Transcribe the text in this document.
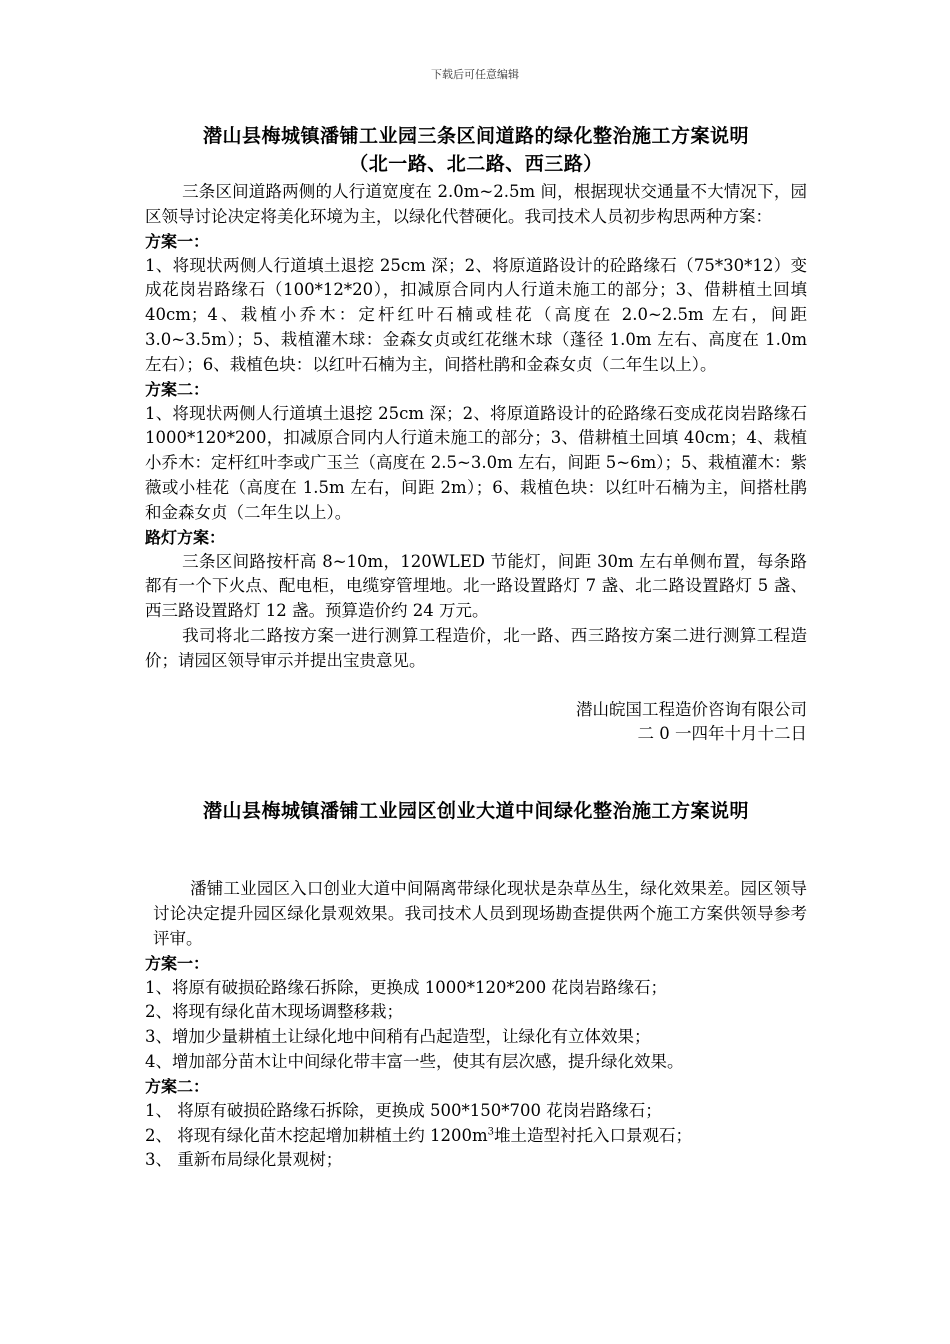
下载后可任意编辑
潜山县梅城镇潘铺工业园三条区间道路的绿化整治施工方案说明
（北一路、北二路、西三路）

三条区间道路两侧的人行道宽度在 2.0m~2.5m 间，根据现状交通量不大情况下，园区领导讨论决定将美化环境为主，以绿化代替硬化。我司技术人员初步构思两种方案：

方案一：

1、将现状两侧人行道填土退挖 25cm 深；2、将原道路设计的砼路缘石（75*30*12）变成花岗岩路缘石（100*12*20），扣减原合同内人行道未施工的部分；3、借耕植土回填 40cm；4、栽植小乔木：定杆红叶石楠或桂花（高度在 2.0~2.5m 左右，间距 3.0~3.5m）；5、栽植灌木球：金森女贞或红花继木球（蓬径 1.0m 左右、高度在 1.0m 左右）；6、栽植色块：以红叶石楠为主，间搭杜鹃和金森女贞（二年生以上）。

方案二：

1、将现状两侧人行道填土退挖 25cm 深；2、将原道路设计的砼路缘石变成花岗岩路缘石 1000*120*200，扣减原合同内人行道未施工的部分；3、借耕植土回填 40cm；4、栽植小乔木：定杆红叶李或广玉兰（高度在 2.5~3.0m 左右，间距 5~6m）；5、栽植灌木：紫薇或小桂花（高度在 1.5m 左右，间距 2m）；6、栽植色块：以红叶石楠为主，间搭杜鹃和金森女贞（二年生以上）。

路灯方案：

三条区间路按杆高 8~10m，120WLED 节能灯，间距 30m 左右单侧布置，每条路都有一个下火点、配电柜，电缆穿管埋地。北一路设置路灯 7 盏、北二路设置路灯 5 盏、西三路设置路灯 12 盏。预算造价约 24 万元。

我司将北二路按方案一进行测算工程造价，北一路、西三路按方案二进行测算工程造价；请园区领导审示并提出宝贵意见。

潜山皖国工程造价咨询有限公司

二 0 一四年十月十二日

潜山县梅城镇潘铺工业园区创业大道中间绿化整治施工方案说明

潘铺工业园区入口创业大道中间隔离带绿化现状是杂草丛生，绿化效果差。园区领导讨论决定提升园区绿化景观效果。我司技术人员到现场勘查提供两个施工方案供领导参考评审。

方案一：

1、将原有破损砼路缘石拆除，更换成 1000*120*200 花岗岩路缘石；

2、将现有绿化苗木现场调整移栽；

3、增加少量耕植土让绿化地中间稍有凸起造型，让绿化有立体效果；

4、增加部分苗木让中间绿化带丰富一些，使其有层次感，提升绿化效果。

方案二：

1、 将原有破损砼路缘石拆除，更换成 500*150*700 花岗岩路缘石；

2、 将现有绿化苗木挖起增加耕植土约 $1200m^3$堆土造型衬托入口景观石；

3、 重新布局绿化景观树；
